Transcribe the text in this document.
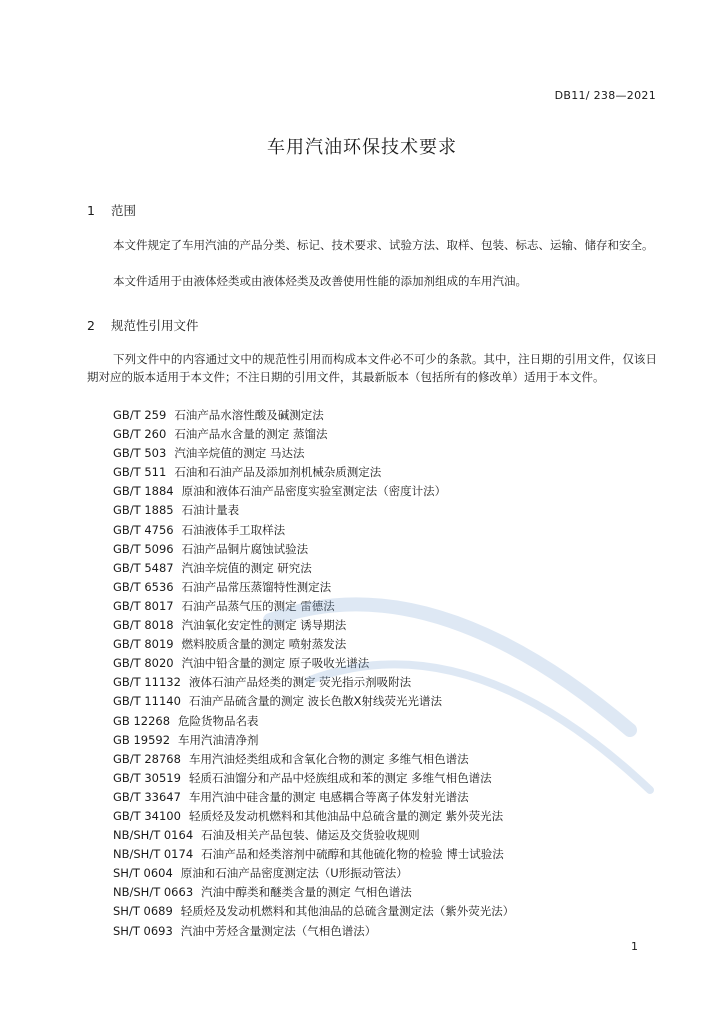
DB11/ 238—2021
车用汽油环保技术要求
1 范围
本文件规定了车用汽油的产品分类、标记、技术要求、试验方法、取样、包装、标志、运输、储存和安全。
本文件适用于由液体烃类或由液体烃类及改善使用性能的添加剂组成的车用汽油。
2 规范性引用文件
下列文件中的内容通过文中的规范性引用而构成本文件必不可少的条款。其中，注日期的引用文件，仅该日期对应的版本适用于本文件；不注日期的引用文件，其最新版本（包括所有的修改单）适用于本文件。
GB/T 259 石油产品水溶性酸及碱测定法
GB/T 260 石油产品水含量的测定 蒸馏法
GB/T 503 汽油辛烷值的测定 马达法
GB/T 511 石油和石油产品及添加剂机械杂质测定法
GB/T 1884 原油和液体石油产品密度实验室测定法（密度计法）
GB/T 1885 石油计量表
GB/T 4756 石油液体手工取样法
GB/T 5096 石油产品铜片腐蚀试验法
GB/T 5487 汽油辛烷值的测定 研究法
GB/T 6536 石油产品常压蒸馏特性测定法
GB/T 8017 石油产品蒸气压的测定 雷德法
GB/T 8018 汽油氧化安定性的测定 诱导期法
GB/T 8019 燃料胶质含量的测定 喷射蒸发法
GB/T 8020 汽油中铅含量的测定 原子吸收光谱法
GB/T 11132 液体石油产品烃类的测定 荧光指示剂吸附法
GB/T 11140 石油产品硫含量的测定 波长色散X射线荧光光谱法
GB 12268 危险货物品名表
GB 19592 车用汽油清净剂
GB/T 28768 车用汽油烃类组成和含氧化合物的测定 多维气相色谱法
GB/T 30519 轻质石油馏分和产品中烃族组成和苯的测定 多维气相色谱法
GB/T 33647 车用汽油中硅含量的测定 电感耦合等离子体发射光谱法
GB/T 34100 轻质烃及发动机燃料和其他油品中总硫含量的测定 紫外荧光法
NB/SH/T 0164 石油及相关产品包装、储运及交货验收规则
NB/SH/T 0174 石油产品和烃类溶剂中硫醇和其他硫化物的检验 博士试验法
SH/T 0604 原油和石油产品密度测定法（U形振动管法）
NB/SH/T 0663 汽油中醇类和醚类含量的测定 气相色谱法
SH/T 0689 轻质烃及发动机燃料和其他油品的总硫含量测定法（紫外荧光法）
SH/T 0693 汽油中芳烃含量测定法（气相色谱法）
1
